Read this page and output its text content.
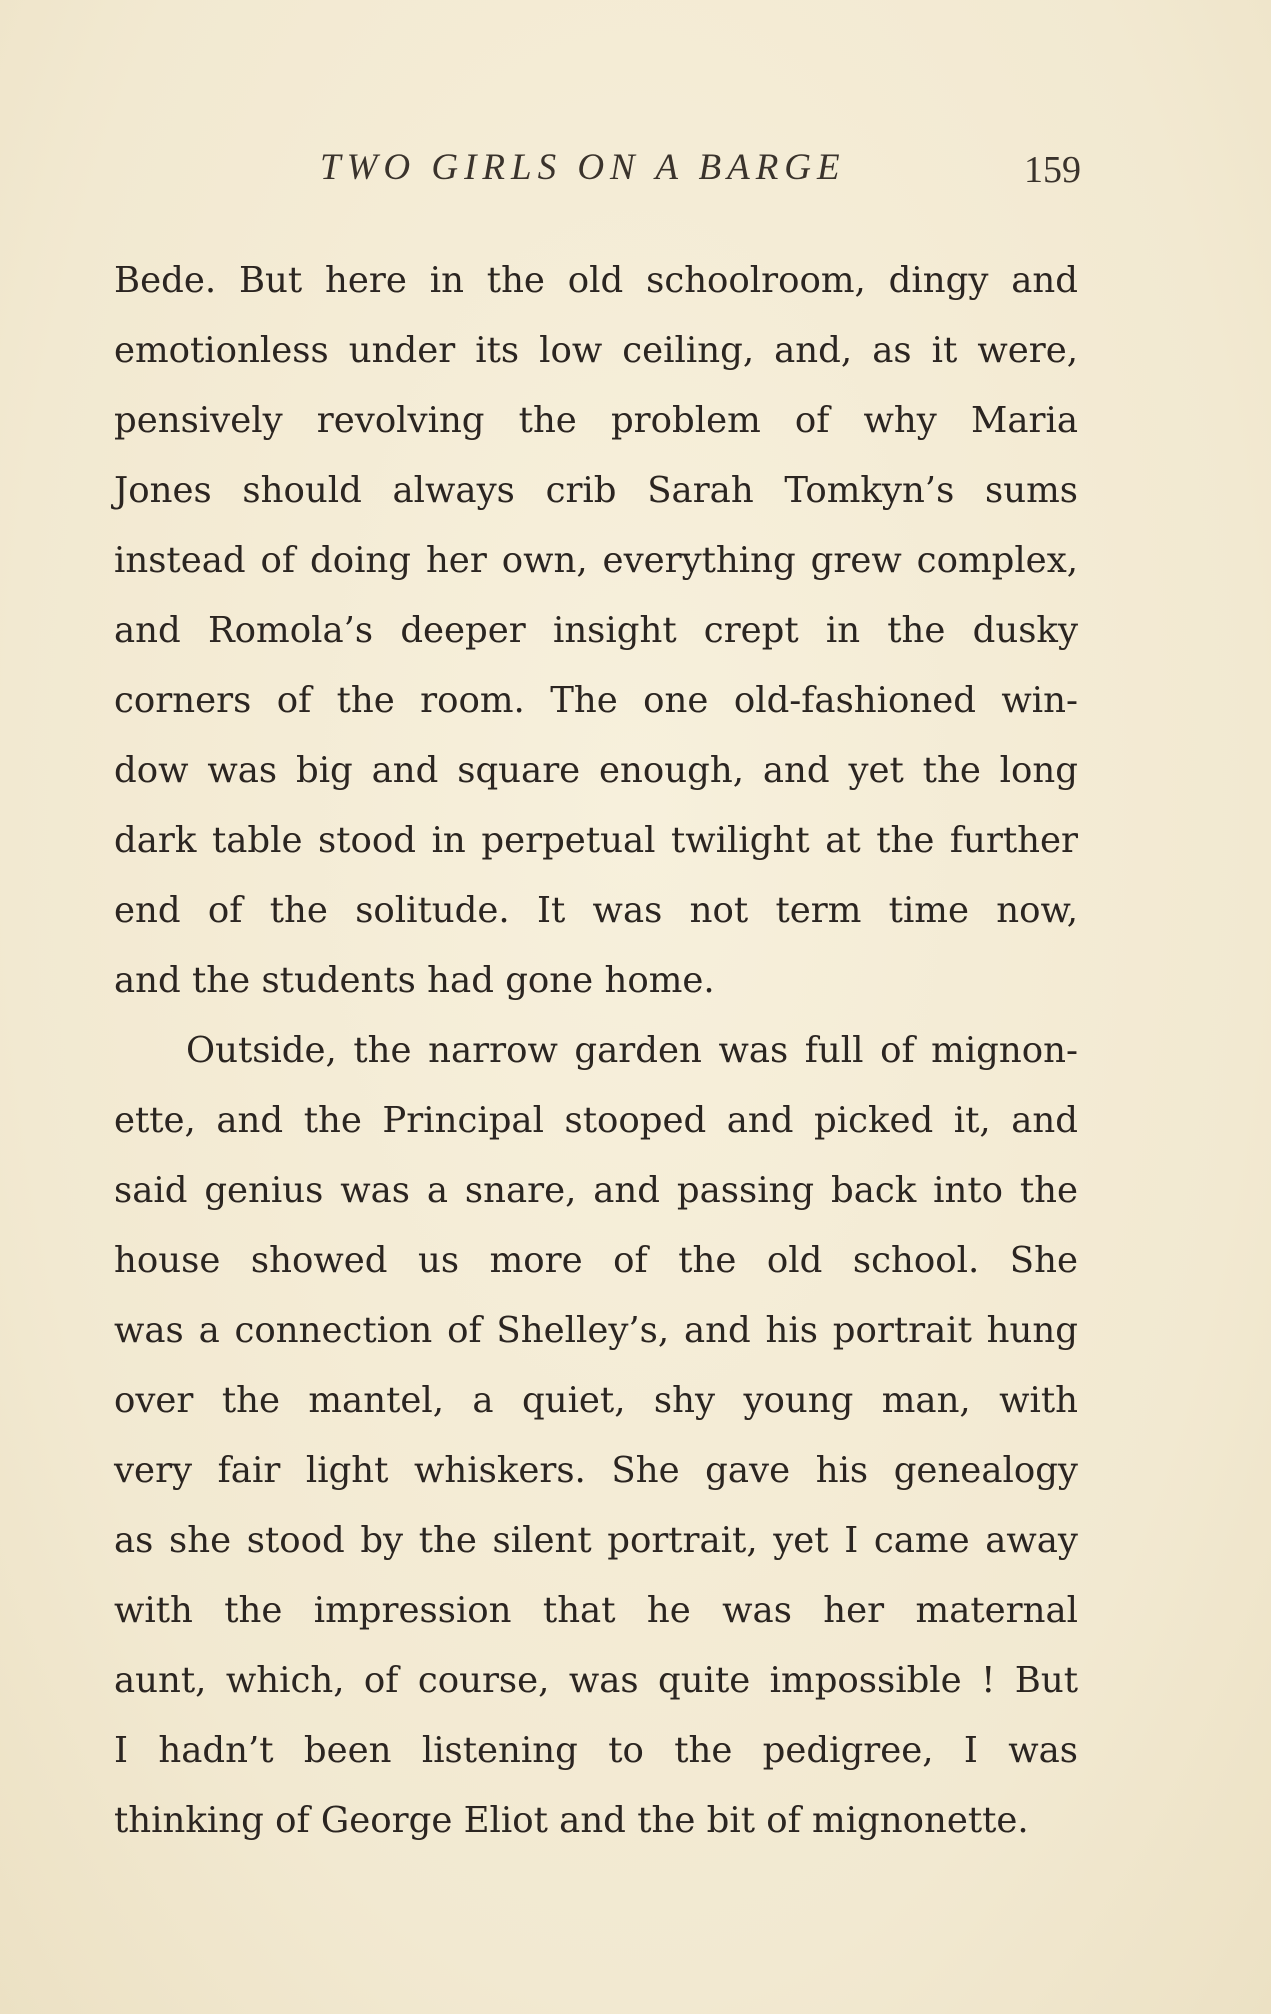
TWO GIRLS ON A BARGE	159
Bede. But here in the old schoolroom, dingy and
emotionless under its low ceiling, and, as it were,
pensively revolving the problem of why Maria
Jones should always crib Sarah Tomkyn’s sums
instead of doing her own, everything grew complex,
and Romola’s deeper insight crept in the dusky
corners of the room. The one old-fashioned win-
dow was big and square enough, and yet the long
dark table stood in perpetual twilight at the further
end of the solitude. It was not term time now,
and the students had gone home.
Outside, the narrow garden was full of mignon-
ette, and the Principal stooped and picked it, and
said genius was a snare, and passing back into the
house showed us more of the old school. She
was a connection of Shelley’s, and his portrait hung
over the mantel, a quiet, shy young man, with
very fair light whiskers. She gave his genealogy
as she stood by the silent portrait, yet I came away
with the impression that he was her maternal
aunt, which, of course, was quite impossible ! But
I hadn’t been listening to the pedigree, I was
thinking of George Eliot and the bit of mignonette.
